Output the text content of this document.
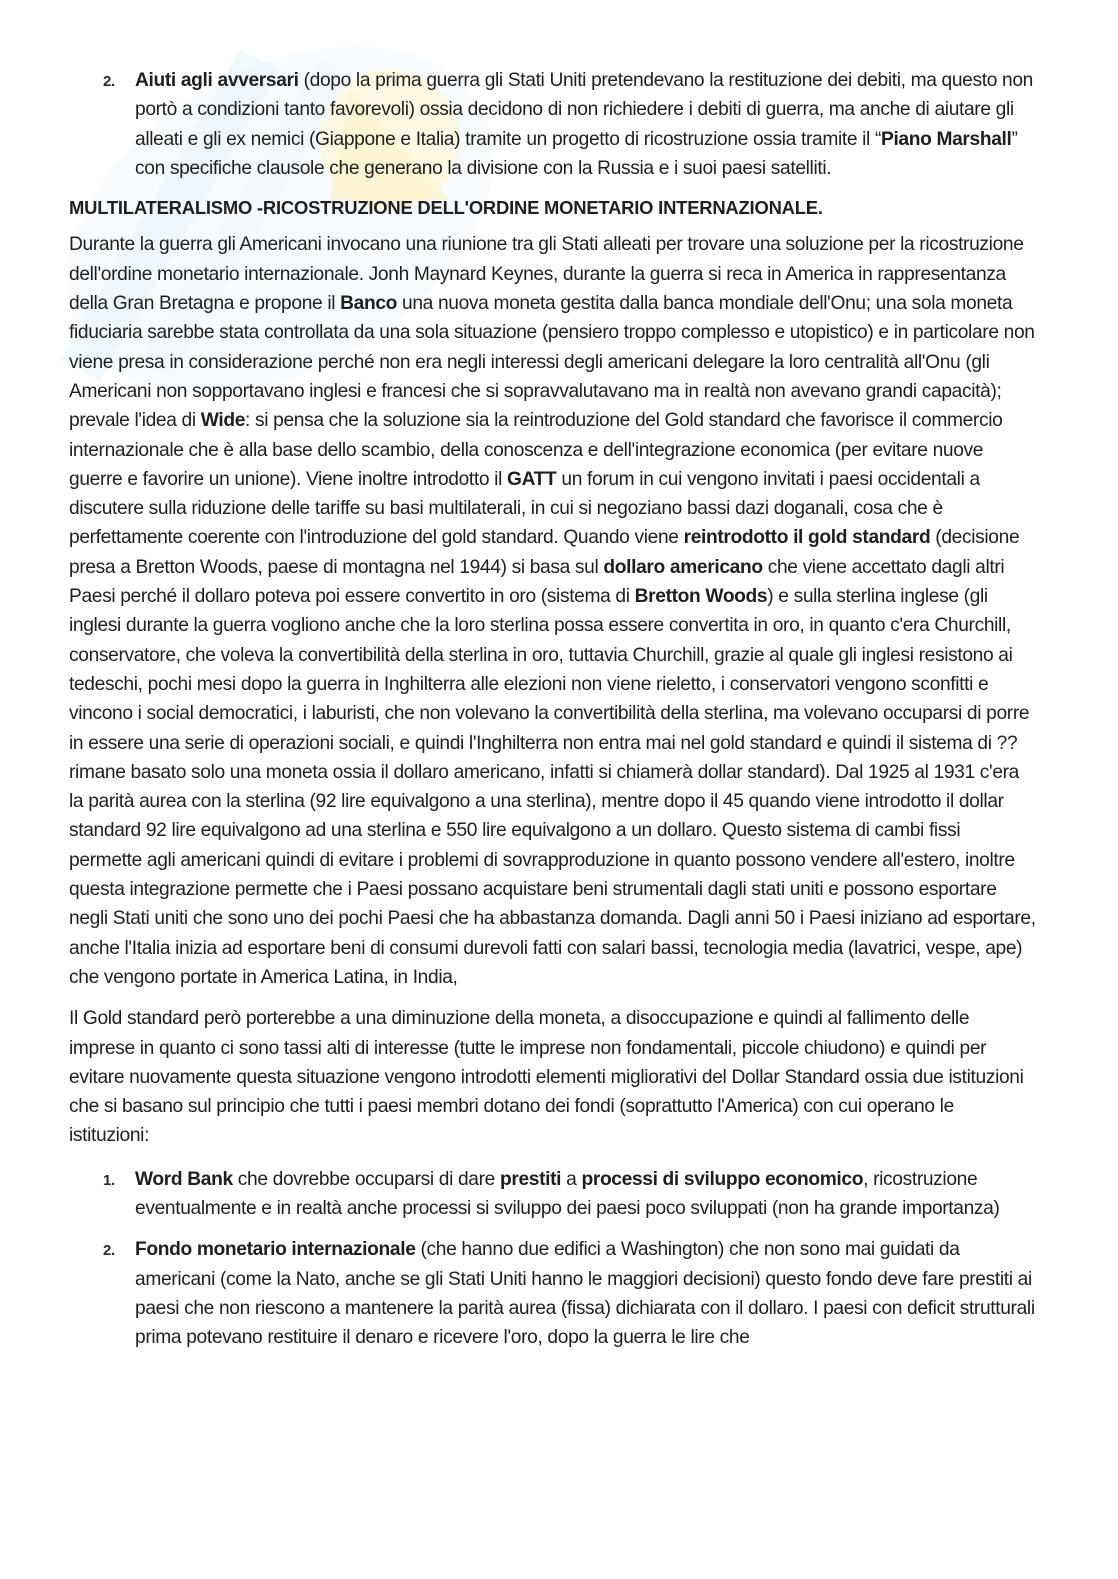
2. Aiuti agli avversari (dopo la prima guerra gli Stati Uniti pretendevano la restituzione dei debiti, ma questo non portò a condizioni tanto favorevoli) ossia decidono di non richiedere i debiti di guerra, ma anche di aiutare gli alleati e gli ex nemici (Giappone e Italia) tramite un progetto di ricostruzione ossia tramite il “Piano Marshall” con specifiche clausole che generano la divisione con la Russia e i suoi paesi satelliti.

MULTILATERALISMO -RICOSTRUZIONE DELL'ORDINE MONETARIO INTERNAZIONALE.

Durante la guerra gli Americani invocano una riunione tra gli Stati alleati per trovare una soluzione per la ricostruzione dell'ordine monetario internazionale. Jonh Maynard Keynes, durante la guerra si reca in America in rappresentanza della Gran Bretagna e propone il Banco una nuova moneta gestita dalla banca mondiale dell'Onu; una sola moneta fiduciaria sarebbe stata controllata da una sola situazione (pensiero troppo complesso e utopistico) e in particolare non viene presa in considerazione perché non era negli interessi degli americani delegare la loro centralità all'Onu (gli Americani non sopportavano inglesi e francesi che si sopravvalutavano ma in realtà non avevano grandi capacità); prevale l'idea di Wide: si pensa che la soluzione sia la reintroduzione del Gold standard che favorisce il commercio internazionale che è alla base dello scambio, della conoscenza e dell'integrazione economica (per evitare nuove guerre e favorire un unione). Viene inoltre introdotto il GATT un forum in cui vengono invitati i paesi occidentali a discutere sulla riduzione delle tariffe su basi multilaterali, in cui si negoziano bassi dazi doganali, cosa che è perfettamente coerente con l'introduzione del gold standard. Quando viene reintrodotto il gold standard (decisione presa a Bretton Woods, paese di montagna nel 1944) si basa sul dollaro americano che viene accettato dagli altri Paesi perché il dollaro poteva poi essere convertito in oro (sistema di Bretton Woods) e sulla sterlina inglese (gli inglesi durante la guerra vogliono anche che la loro sterlina possa essere convertita in oro, in quanto c'era Churchill, conservatore, che voleva la convertibilità della sterlina in oro, tuttavia Churchill, grazie al quale gli inglesi resistono ai tedeschi, pochi mesi dopo la guerra in Inghilterra alle elezioni non viene rieletto, i conservatori vengono sconfitti e vincono i social democratici, i laburisti, che non volevano la convertibilità della sterlina, ma volevano occuparsi di porre in essere una serie di operazioni sociali, e quindi l'Inghilterra non entra mai nel gold standard e quindi il sistema di ?? rimane basato solo una moneta ossia il dollaro americano, infatti si chiamerà dollar standard). Dal 1925 al 1931 c'era la parità aurea con la sterlina (92 lire equivalgono a una sterlina), mentre dopo il 45 quando viene introdotto il dollar standard 92 lire equivalgono ad una sterlina e 550 lire equivalgono a un dollaro. Questo sistema di cambi fissi permette agli americani quindi di evitare i problemi di sovrapproduzione in quanto possono vendere all'estero, inoltre questa integrazione permette che i Paesi possano acquistare beni strumentali dagli stati uniti e possono esportare negli Stati uniti che sono uno dei pochi Paesi che ha abbastanza domanda. Dagli anni 50 i Paesi iniziano ad esportare, anche l'Italia inizia ad esportare beni di consumi durevoli fatti con salari bassi, tecnologia media (lavatrici, vespe, ape) che vengono portate in America Latina, in India,

Il Gold standard però porterebbe a una diminuzione della moneta, a disoccupazione e quindi al fallimento delle imprese in quanto ci sono tassi alti di interesse (tutte le imprese non fondamentali, piccole chiudono) e quindi per evitare nuovamente questa situazione vengono introdotti elementi migliorativi del Dollar Standard ossia due istituzioni che si basano sul principio che tutti i paesi membri dotano dei fondi (soprattutto l'America) con cui operano le istituzioni:

1. Word Bank che dovrebbe occuparsi di dare prestiti a processi di sviluppo economico, ricostruzione eventualmente e in realtà anche processi si sviluppo dei paesi poco sviluppati (non ha grande importanza)

2. Fondo monetario internazionale (che hanno due edifici a Washington) che non sono mai guidati da americani (come la Nato, anche se gli Stati Uniti hanno le maggiori decisioni) questo fondo deve fare prestiti ai paesi che non riescono a mantenere la parità aurea (fissa) dichiarata con il dollaro. I paesi con deficit strutturali prima potevano restituire il denaro e ricevere l'oro, dopo la guerra le lire che
